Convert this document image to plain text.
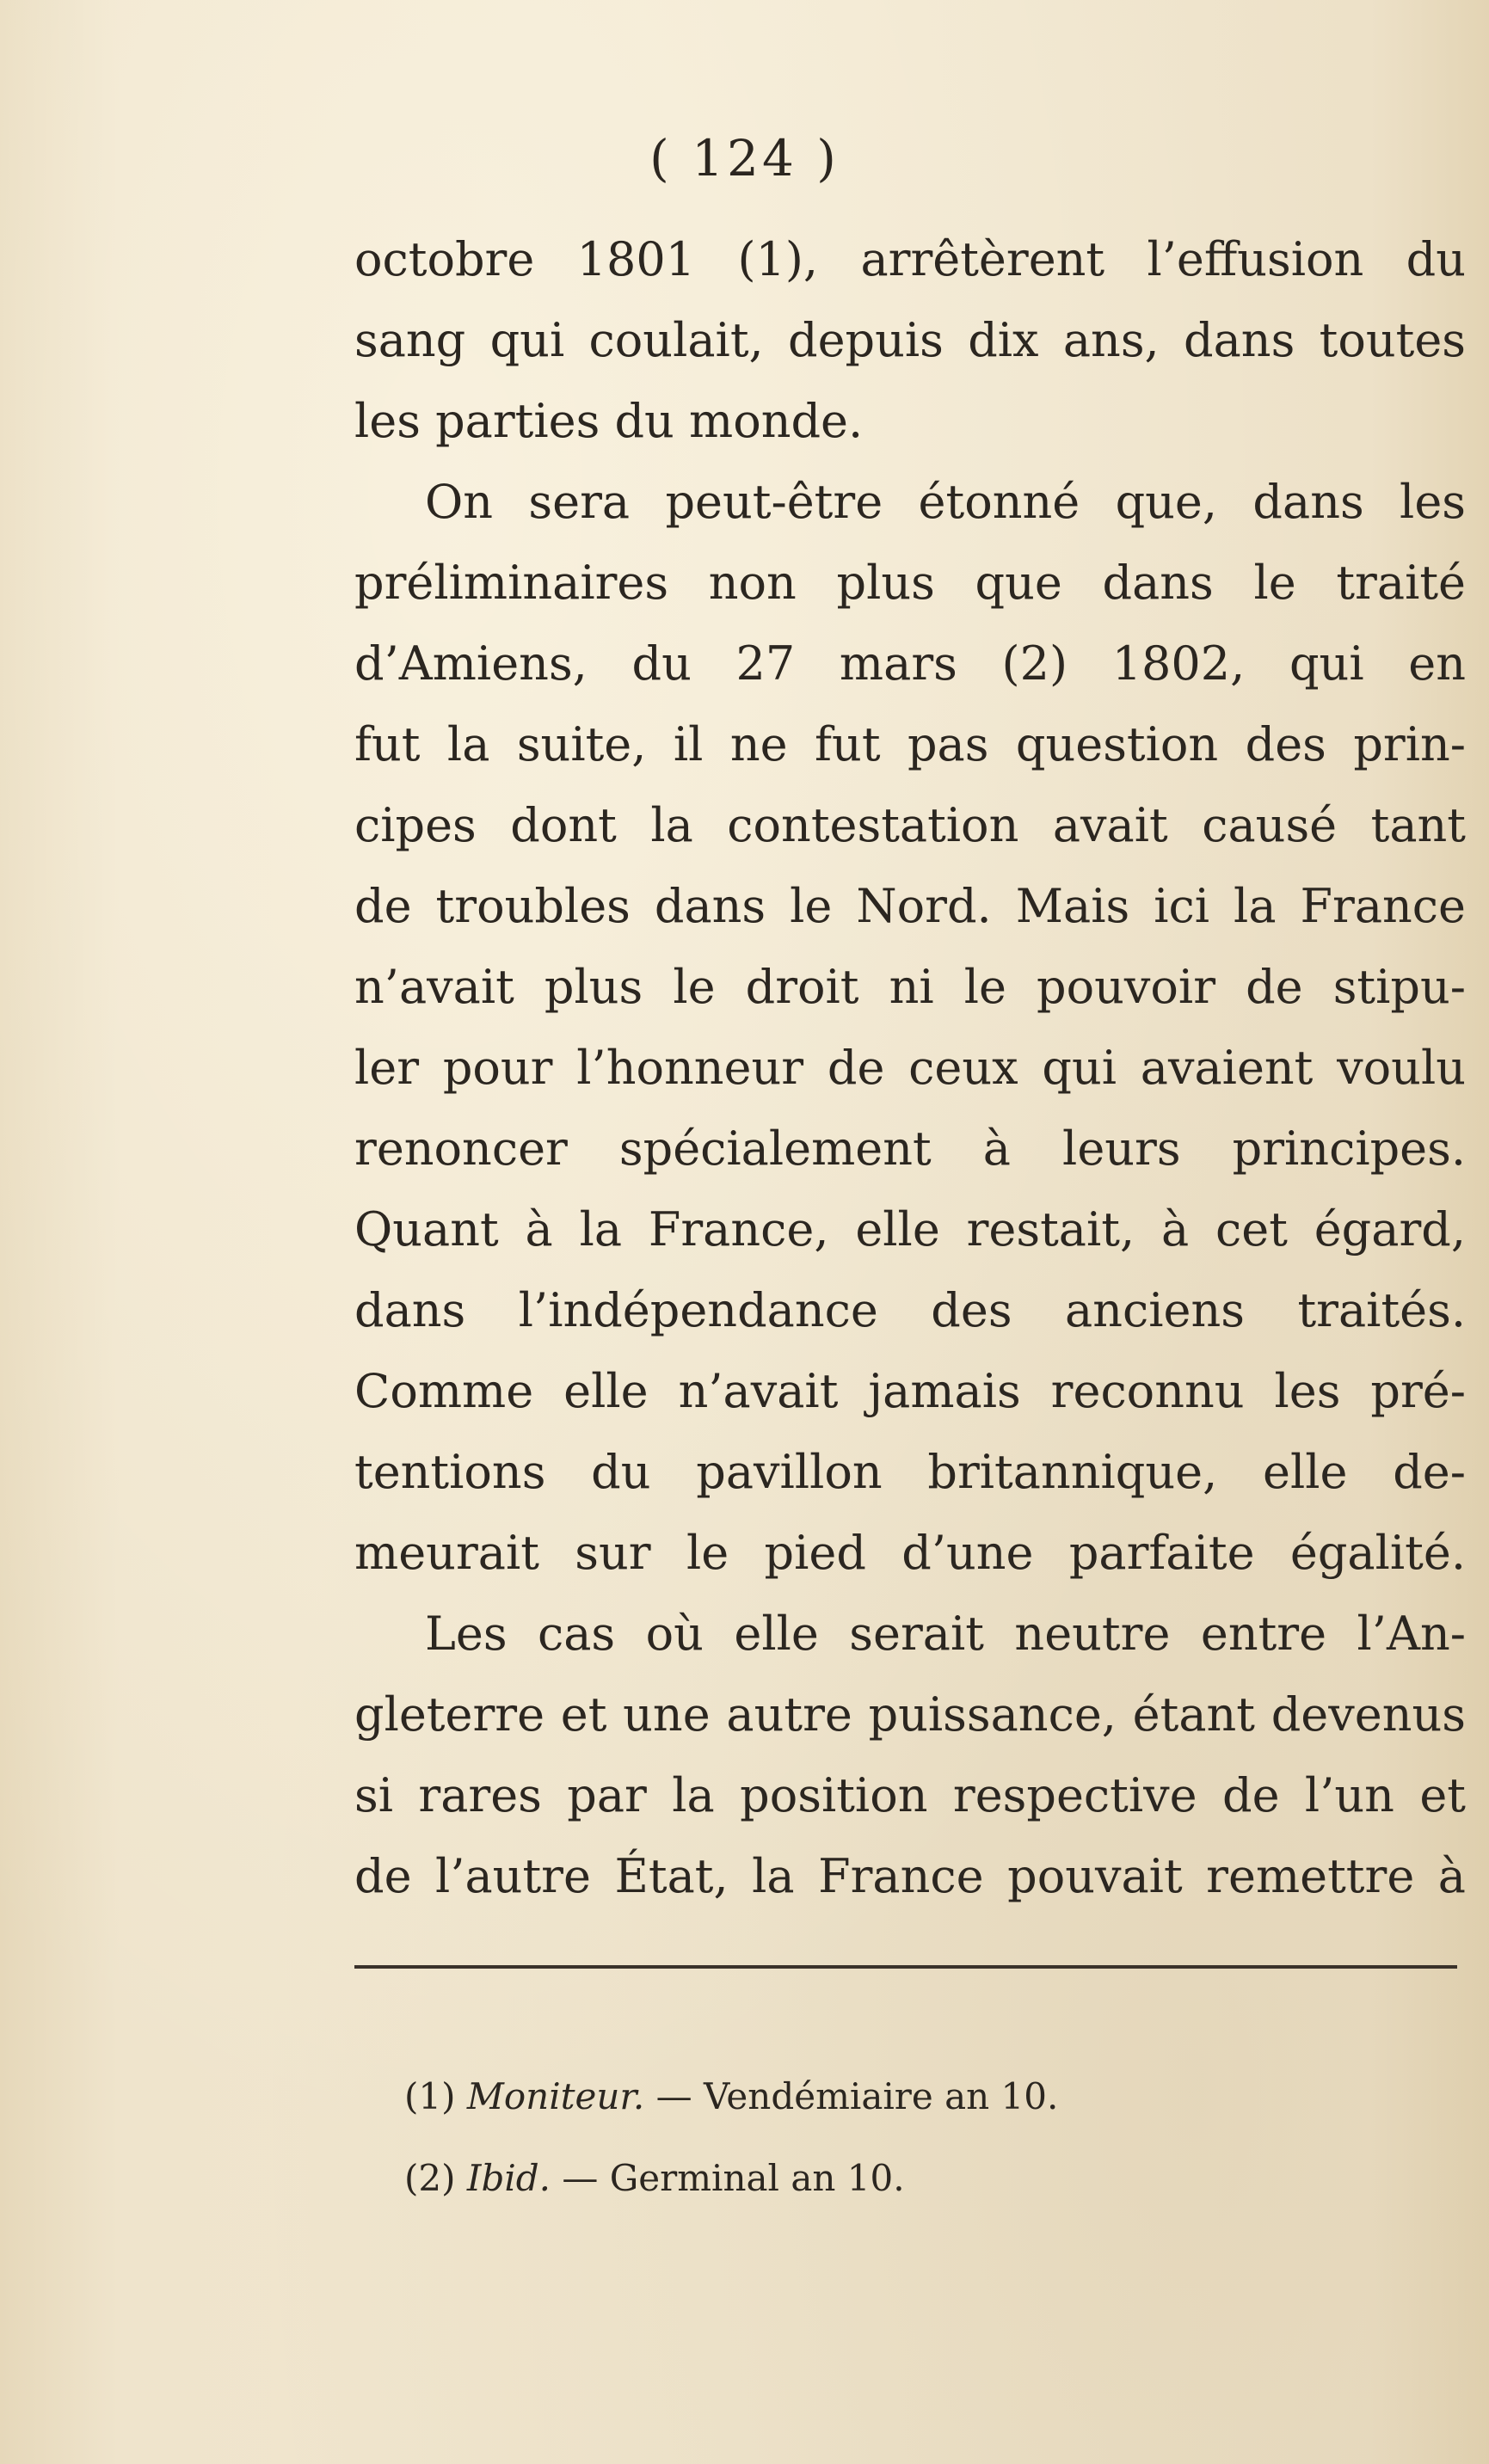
( 124 )
octobre 1801 (1), arrêtèrent l’effusion du
sang qui coulait, depuis dix ans, dans toutes
les parties du monde.
On sera peut-être étonné que, dans les
préliminaires non plus que dans le traité
d’Amiens, du 27 mars (2) 1802, qui en
fut la suite, il ne fut pas question des prin-
cipes dont la contestation avait causé tant
de troubles dans le Nord. Mais ici la France
n’avait plus le droit ni le pouvoir de stipu-
ler pour l’honneur de ceux qui avaient voulu
renoncer spécialement à leurs principes.
Quant à la France, elle restait, à cet égard,
dans l’indépendance des anciens traités.
Comme elle n’avait jamais reconnu les pré-
tentions du pavillon britannique, elle de-
meurait sur le pied d’une parfaite égalité.
Les cas où elle serait neutre entre l’An-
gleterre et une autre puissance, étant devenus
si rares par la position respective de l’un et
de l’autre État, la France pouvait remettre à
(1) Moniteur. — Vendémiaire an 10.
(2) Ibid. — Germinal an 10.
